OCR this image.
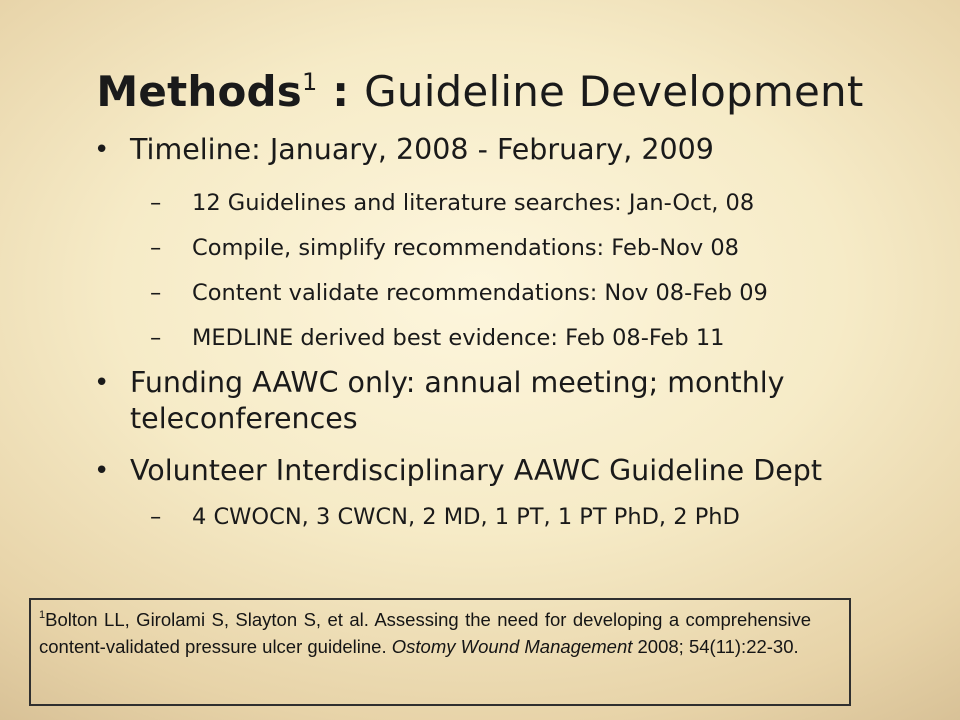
Methods$^1$ : Guideline Development
• Timeline: January, 2008 - February, 2009
– 12 Guidelines and literature searches: Jan-Oct, 08
– Compile, simplify recommendations: Feb-Nov 08
– Content validate recommendations: Nov 08-Feb 09
– MEDLINE derived best evidence: Feb 08-Feb 11
• Funding AAWC only: annual meeting; monthly teleconferences
• Volunteer Interdisciplinary AAWC Guideline Dept
– 4 CWOCN, 3 CWCN, 2 MD, 1 PT, 1 PT PhD, 2 PhD
$^1$Bolton LL, Girolami S, Slayton S, et al. Assessing the need for developing a comprehensive content-validated pressure ulcer guideline. Ostomy Wound Management 2008; 54(11):22-30.
